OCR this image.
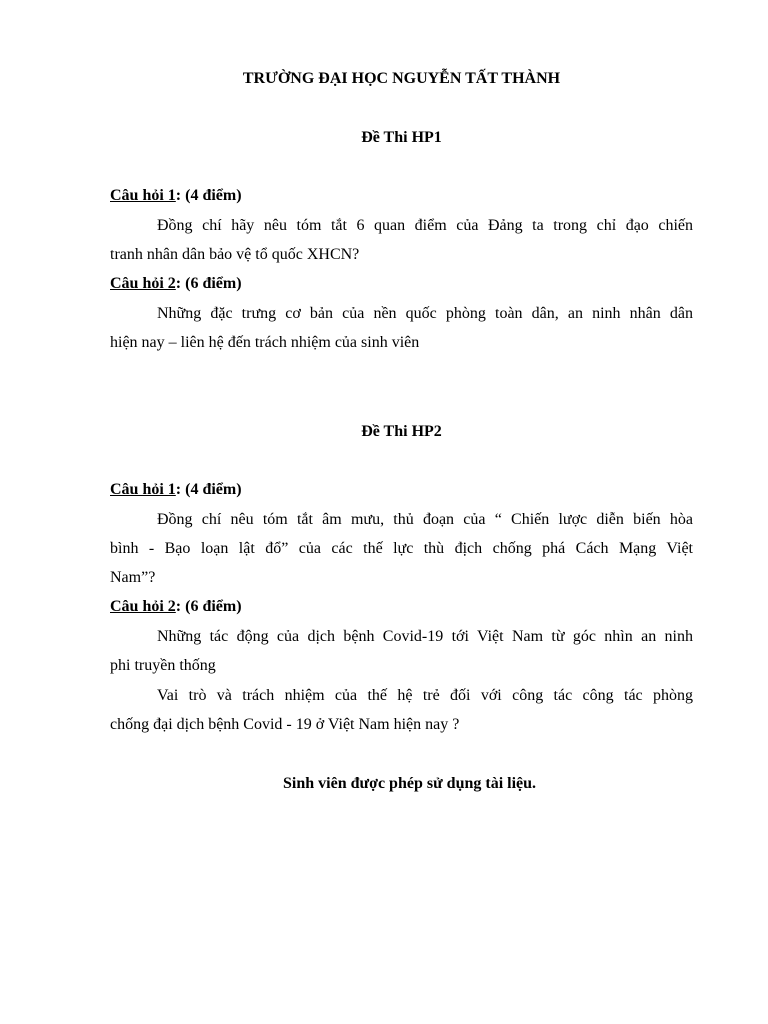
TRƯỜNG ĐẠI HỌC NGUYỄN TẤT THÀNH
Đề Thi HP1
Câu hỏi 1: (4 điểm)
Đồng chí hãy nêu tóm tắt 6 quan điểm của Đảng ta trong chỉ đạo chiến
tranh nhân dân bảo vệ tổ quốc XHCN?
Câu hỏi 2: (6 điểm)
Những đặc trưng cơ bản của nền quốc phòng toàn dân, an ninh nhân dân
hiện nay – liên hệ đến trách nhiệm của sinh viên
Đề Thi HP2
Câu hỏi 1: (4 điểm)
Đồng chí nêu tóm tắt âm mưu, thủ đoạn của “ Chiến lược diễn biến hòa
bình - Bạo loạn lật đổ” của các thế lực thù địch chống phá Cách Mạng Việt
Nam”?
Câu hỏi 2: (6 điểm)
Những tác động của dịch bệnh Covid-19 tới Việt Nam từ góc nhìn an ninh
phi truyền thống
Vai trò và trách nhiệm của thế hệ trẻ đối với công tác công tác phòng
chống đại dịch bệnh Covid - 19 ở Việt Nam hiện nay ?
Sinh viên được phép sử dụng tài liệu.
